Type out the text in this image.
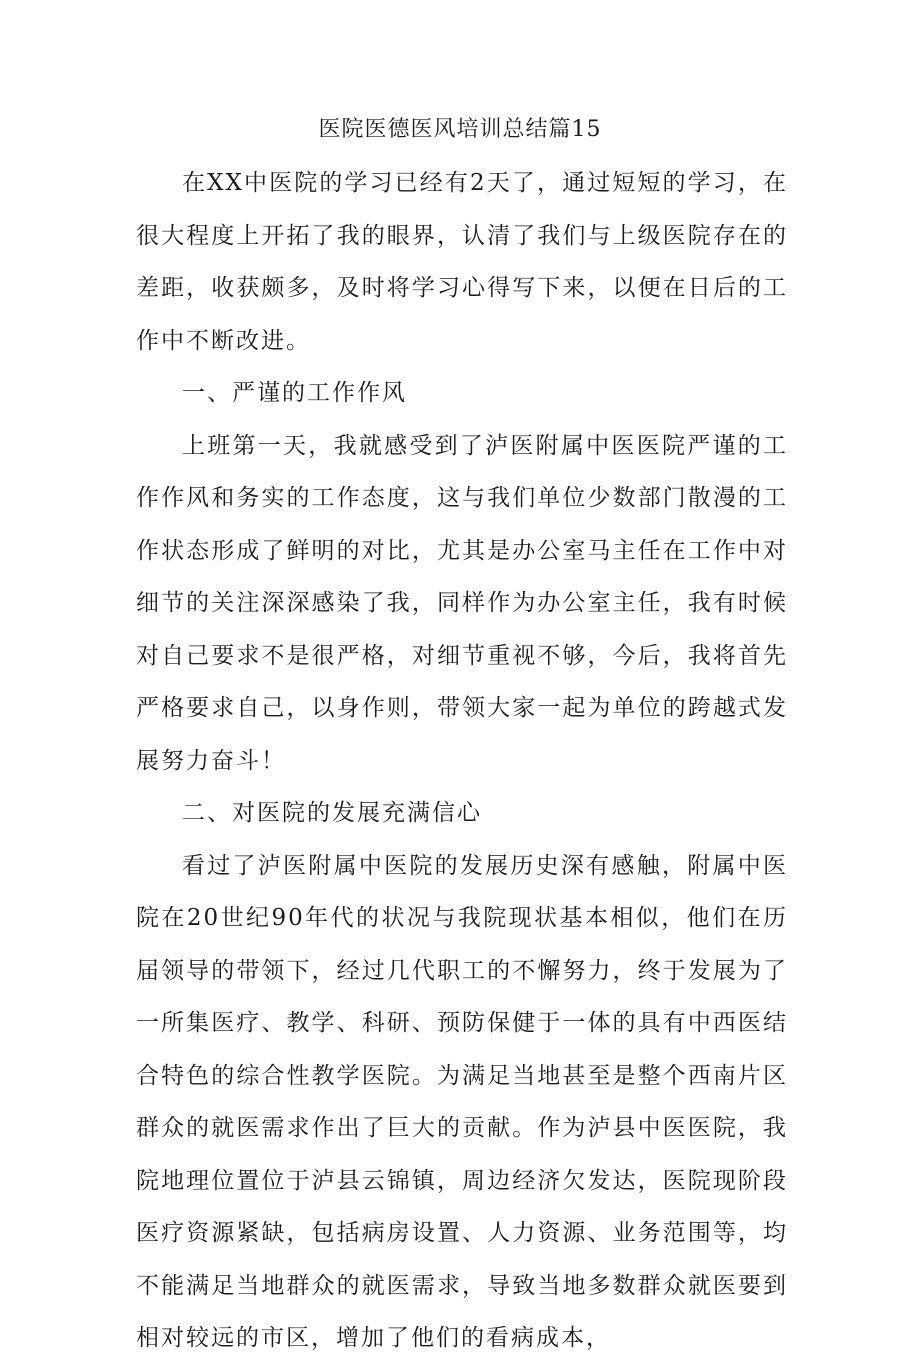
医院医德医风培训总结篇15

在XX中医院的学习已经有2天了，通过短短的学习，在很大程度上开拓了我的眼界，认清了我们与上级医院存在的差距，收获颇多，及时将学习心得写下来，以便在日后的工作中不断改进。

一、严谨的工作作风

上班第一天，我就感受到了泸医附属中医医院严谨的工作作风和务实的工作态度，这与我们单位少数部门散漫的工作状态形成了鲜明的对比，尤其是办公室马主任在工作中对细节的关注深深感染了我，同样作为办公室主任，我有时候对自己要求不是很严格，对细节重视不够，今后，我将首先严格要求自己，以身作则，带领大家一起为单位的跨越式发展努力奋斗！

二、对医院的发展充满信心

看过了泸医附属中医院的发展历史深有感触，附属中医院在20世纪90年代的状况与我院现状基本相似，他们在历届领导的带领下，经过几代职工的不懈努力，终于发展为了一所集医疗、教学、科研、预防保健于一体的具有中西医结合特色的综合性教学医院。为满足当地甚至是整个西南片区群众的就医需求作出了巨大的贡献。作为泸县中医医院，我院地理位置位于泸县云锦镇，周边经济欠发达，医院现阶段医疗资源紧缺，包括病房设置、人力资源、业务范围等，均不能满足当地群众的就医需求，导致当地多数群众就医要到相对较远的市区，增加了他们的看病成本，
